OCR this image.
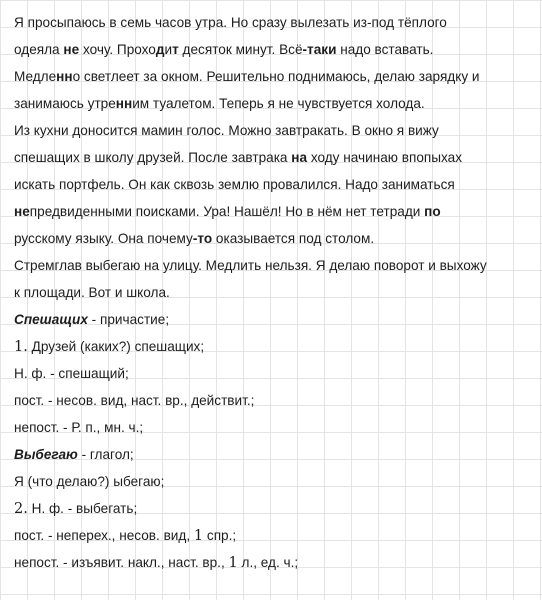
Я просыпаюсь в семь часов утра. Но сразу вылезать из-под тёплого
одеяла не хочу. Проходит десяток минут. Всё-таки надо вставать.
Медленно светлеет за окном. Решительно поднимаюсь, делаю зарядку и
занимаюсь утренним туалетом. Теперь я не чувствуется холода.
Из кухни доносится мамин голос. Можно завтракать. В окно я вижу
спешащих в школу друзей. После завтрака на ходу начинаю впопыхах
искать портфель. Он как сквозь землю провалился. Надо заниматься
непредвиденными поисками. Ура! Нашёл! Но в нём нет тетради по
русскому языку. Она почему-то оказывается под столом.
Стремглав выбегаю на улицу. Медлить нельзя. Я делаю поворот и выхожу
к площади. Вот и школа.
Спешащих - причастие;
1. Друзей (каких?) спешащих;
Н. ф. - спешащий;
пост. - несов. вид, наст. вр., действит.;
непост. - Р. п., мн. ч.;
Выбегаю - глагол;
Я (что делаю?) ыбегаю;
2. Н. ф. - выбегать;
пост. - неперех., несов. вид, 1 спр.;
непост. - изъявит. накл., наст. вр., 1 л., ед. ч.;
